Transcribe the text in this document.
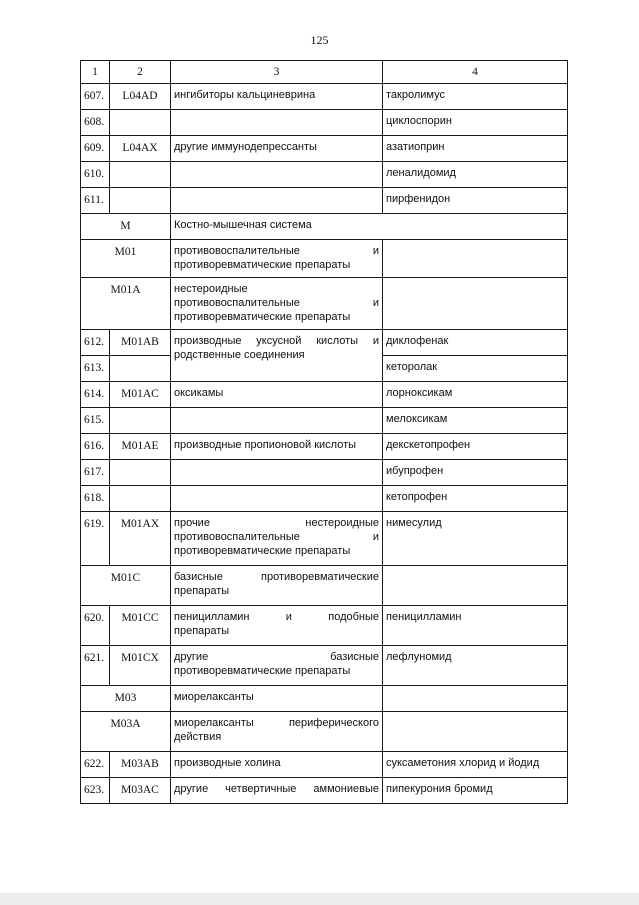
125
1	2	3	4
607.	L04AD	ингибиторы кальциневрина	такролимус
608.			циклоспорин
609.	L04AX	другие иммунодепрессанты	азатиоприн
610.			леналидомид
611.			пирфенидон
M		Костно-мышечная система	
M01		противовоспалительные и
противоревматические препараты	

M01A		нестероидные
противовоспалительные и
противоревматические препараты	

612.	M01AB	производные уксусной кислоты и
родственные соединения	диклофенак
613.			кеторолак
614.	M01AC	оксикамы	лорноксикам
615.			мелоксикам
616.	M01AE	производные пропионовой кислоты	декскетопрофен
617.			ибупрофен
618.			кетопрофен
619.	M01AX	прочие нестероидные
противовоспалительные и
противоревматические препараты	нимесулид
M01C		базисные противоревматические
препараты	

620.	M01CC	пеницилламин и подобные
препараты	пеницилламин
621.	M01CX	другие базисные
противоревматические препараты	лефлуномид
M03		миорелаксанты	
M03A		миорелаксанты периферического
действия	

622.	M03AB	производные холина	суксаметония хлорид и йодид
623.	M03AC	другие четвертичные аммониевые	пипекурония бромид
